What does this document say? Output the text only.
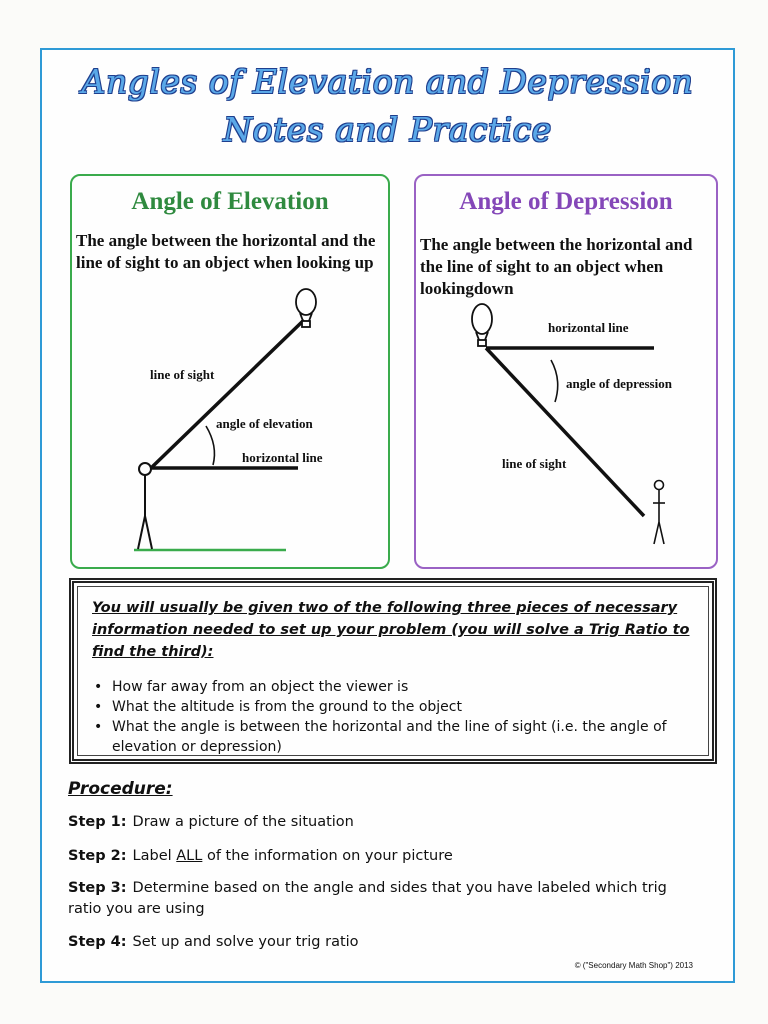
Angles of Elevation and Depression
Notes and Practice
Angle of Elevation

The angle between the horizontal and the line of sight to an object when looking up

line of sight
angle of elevation
horizontal line
Angle of Depression

The angle between the horizontal and the line of sight to an object when lookingdown

horizontal line
angle of depression
line of sight

You will usually be given two of the following three pieces of necessary information needed to set up your problem (you will solve a Trig Ratio to find the third):

• How far away from an object the viewer is
• What the altitude is from the ground to the object
• What the angle is between the horizontal and the line of sight (i.e. the angle of elevation or depression)
Procedure:

Step 1: Draw a picture of the situation

Step 2: Label ALL of the information on your picture

Step 3: Determine based on the angle and sides that you have labeled which trig ratio you are using

Step 4: Set up and solve your trig ratio

© ("Secondary Math Shop") 2013
